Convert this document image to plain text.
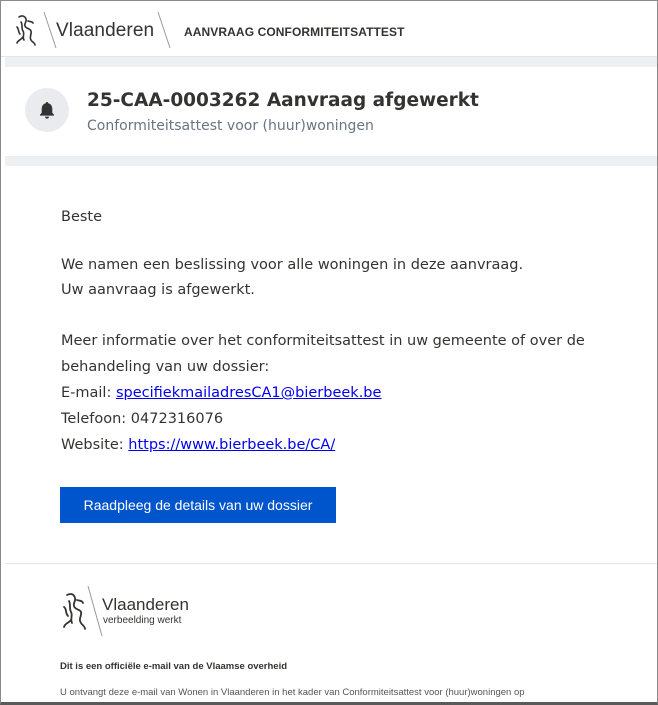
Vlaanderen AANVRAAG CONFORMITEITSATTEST
25-CAA-0003262 Aanvraag afgewerkt
Conformiteitsattest voor (huur)woningen

Beste

We namen een beslissing voor alle woningen in deze aanvraag.

Uw aanvraag is afgewerkt.

Meer informatie over het conformiteitsattest in uw gemeente of over de

behandeling van uw dossier:

E-mail: specifiekmailadresCA1@bierbeek.be

Telefoon: 0472316076

Website: https://www.bierbeek.be/CA/

Raadpleeg de details van uw dossier
Vlaanderen
verbeelding werkt
Dit is een officiële e-mail van de Vlaamse overheid
U ontvangt deze e-mail van Wonen in Vlaanderen in het kader van Conformiteitsattest voor (huur)woningen op
